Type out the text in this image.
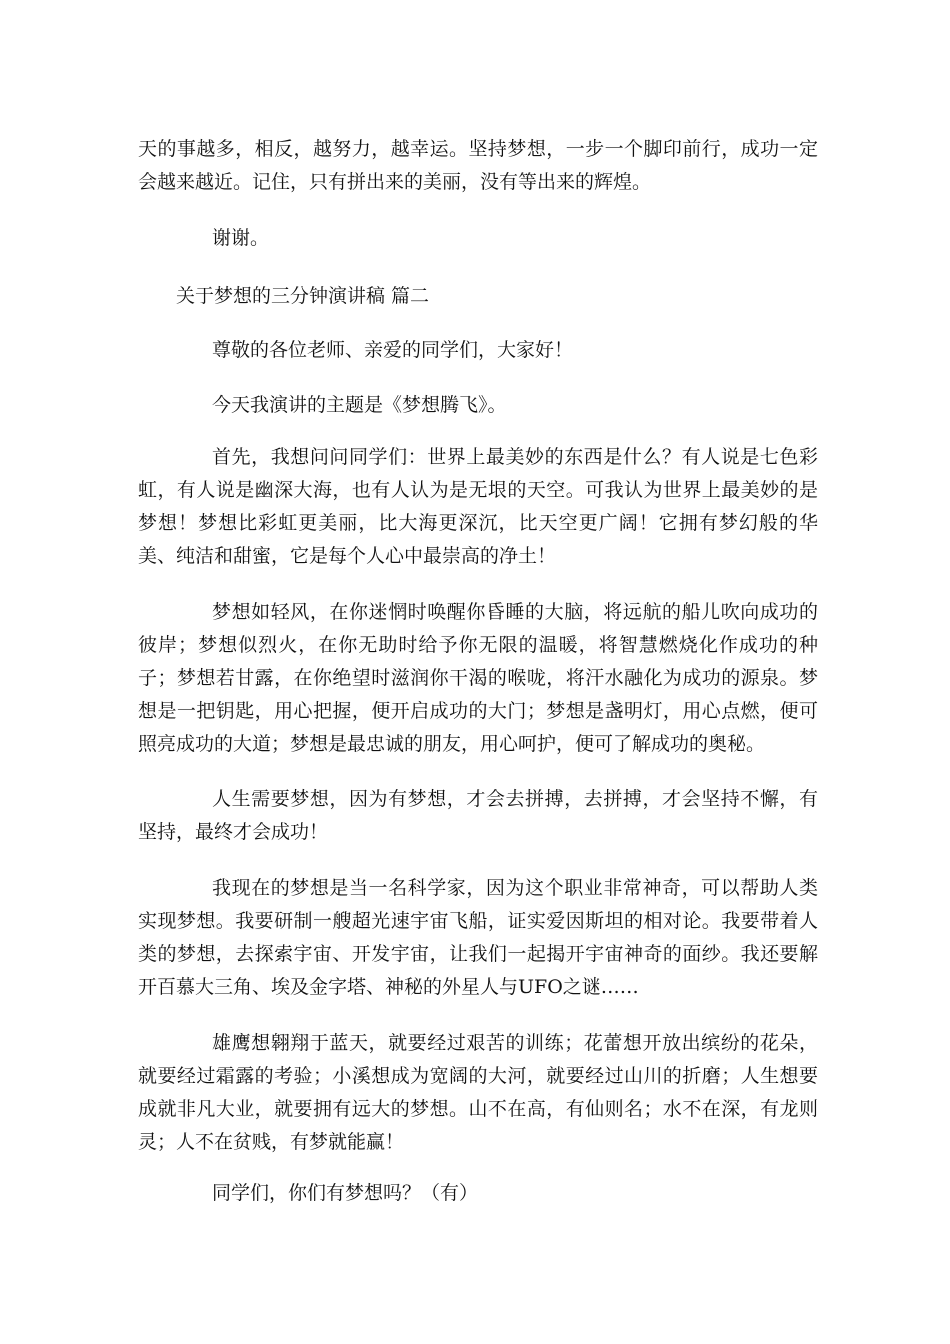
天的事越多，相反，越努力，越幸运。坚持梦想，一步一个脚印前行，成功一定会越来越近。记住，只有拼出来的美丽，没有等出来的辉煌。

谢谢。

关于梦想的三分钟演讲稿 篇二

尊敬的各位老师、亲爱的同学们，大家好！

今天我演讲的主题是《梦想腾飞》。

首先，我想问问同学们：世界上最美妙的东西是什么？有人说是七色彩虹，有人说是幽深大海，也有人认为是无垠的天空。可我认为世界上最美妙的是梦想！梦想比彩虹更美丽，比大海更深沉，比天空更广阔！它拥有梦幻般的华美、纯洁和甜蜜，它是每个人心中最崇高的净土！

梦想如轻风，在你迷惘时唤醒你昏睡的大脑，将远航的船儿吹向成功的彼岸；梦想似烈火，在你无助时给予你无限的温暖，将智慧燃烧化作成功的种子；梦想若甘露，在你绝望时滋润你干渴的喉咙，将汗水融化为成功的源泉。梦想是一把钥匙，用心把握，便开启成功的大门；梦想是盏明灯，用心点燃，便可照亮成功的大道；梦想是最忠诚的朋友，用心呵护，便可了解成功的奥秘。

人生需要梦想，因为有梦想，才会去拼搏，去拼搏，才会坚持不懈，有坚持，最终才会成功！

我现在的梦想是当一名科学家，因为这个职业非常神奇，可以帮助人类实现梦想。我要研制一艘超光速宇宙飞船，证实爱因斯坦的相对论。我要带着人类的梦想，去探索宇宙、开发宇宙，让我们一起揭开宇宙神奇的面纱。我还要解开百慕大三角、埃及金字塔、神秘的外星人与UFO之谜……

雄鹰想翱翔于蓝天，就要经过艰苦的训练；花蕾想开放出缤纷的花朵，就要经过霜露的考验；小溪想成为宽阔的大河，就要经过山川的折磨；人生想要成就非凡大业，就要拥有远大的梦想。山不在高，有仙则名；水不在深，有龙则灵；人不在贫贱，有梦就能赢！

同学们，你们有梦想吗？（有）
